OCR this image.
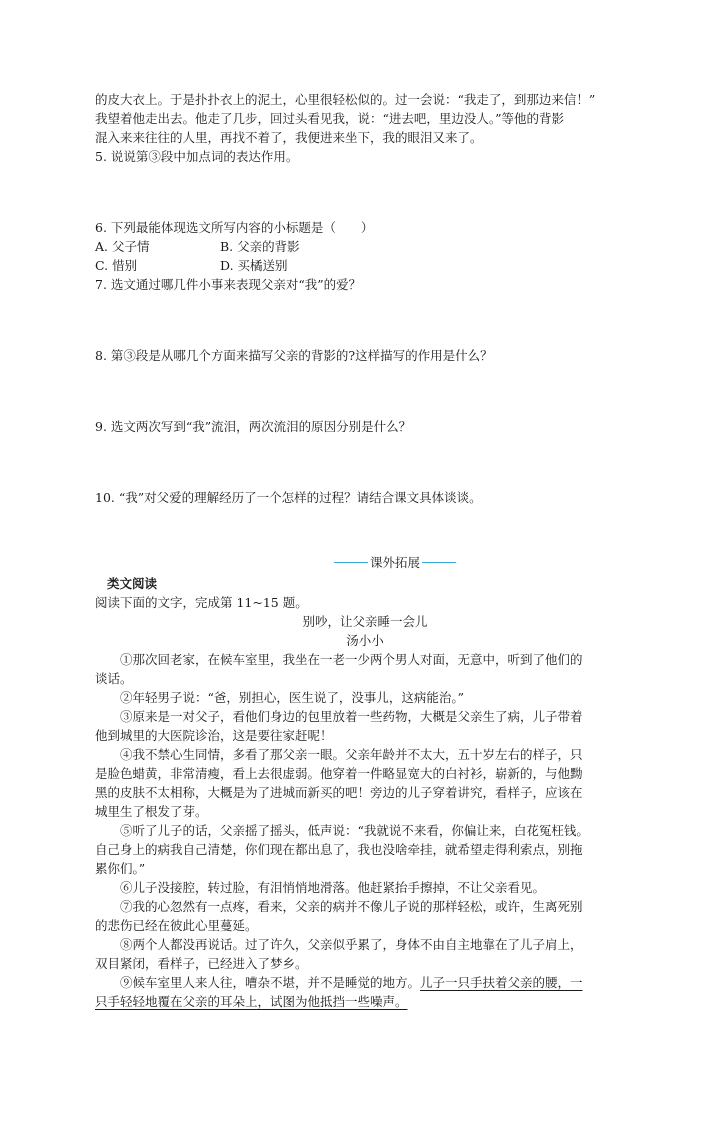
的皮大衣上。于是扑扑衣上的泥土，心里很轻松似的。过一会说：“我走了，到那边来信！”

我望着他走出去。他走了几步，回过头看见我，说：“进去吧，里边没人。”等他的背影

混入来来往往的人里，再找不着了，我便进来坐下，我的眼泪又来了。

5. 说说第③段中加点词的表达作用。

6. 下列最能体现选文所写内容的小标题是（　　）

A. 父子情	B. 父亲的背影
C. 惜别	D. 买橘送别

7. 选文通过哪几件小事来表现父亲对“我”的爱？

8. 第③段是从哪几个方面来描写父亲的背影的?这样描写的作用是什么？

9. 选文两次写到“我”流泪，两次流泪的原因分别是什么？

10. “我”对父爱的理解经历了一个怎样的过程？请结合课文具体谈谈。

课外拓展

类文阅读

阅读下面的文字，完成第 11~15 题。

别吵，让父亲睡一会儿

汤小小

①那次回老家，在候车室里，我坐在一老一少两个男人对面，无意中，听到了他们的

谈话。

②年轻男子说：“爸，别担心，医生说了，没事儿，这病能治。”

③原来是一对父子，看他们身边的包里放着一些药物，大概是父亲生了病，儿子带着

他到城里的大医院诊治，这是要往家赶呢！

④我不禁心生同情，多看了那父亲一眼。父亲年龄并不太大，五十岁左右的样子，只

是脸色蜡黄，非常清瘦，看上去很虚弱。他穿着一件略显宽大的白衬衫，崭新的，与他黝

黑的皮肤不太相称，大概是为了进城而新买的吧！旁边的儿子穿着讲究，看样子，应该在

城里生了根发了芽。

⑤听了儿子的话，父亲摇了摇头，低声说：“我就说不来看，你偏让来，白花冤枉钱。

自己身上的病我自己清楚，你们现在都出息了，我也没啥牵挂，就希望走得利索点，别拖

累你们。”

⑥儿子没接腔，转过脸，有泪悄悄地滑落。他赶紧抬手擦掉，不让父亲看见。

⑦我的心忽然有一点疼，看来，父亲的病并不像儿子说的那样轻松，或许，生离死别

的悲伤已经在彼此心里蔓延。

⑧两个人都没再说话。过了许久，父亲似乎累了，身体不由自主地靠在了儿子肩上，

双目紧闭，看样子，已经进入了梦乡。

⑨候车室里人来人往，嘈杂不堪，并不是睡觉的地方。儿子一只手扶着父亲的腰，一

只手轻轻地覆在父亲的耳朵上，试图为他抵挡一些噪声。
